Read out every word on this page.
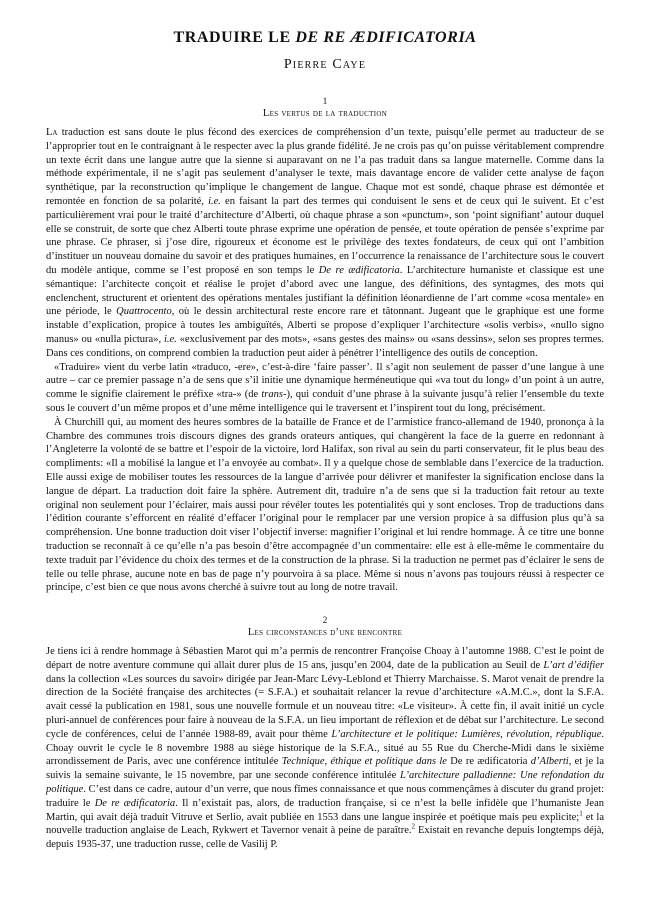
TRADUIRE LE DE RE ÆDIFICATORIA
Pierre Caye
1
Les vertus de la traduction

La traduction est sans doute le plus fécond des exercices de compréhension d’un texte, puisqu’elle permet au traducteur de se l’approprier tout en le contraignant à le respecter avec la plus grande fidélité. Je ne crois pas qu’on puisse véritablement comprendre un texte écrit dans une langue autre que la sienne si auparavant on ne l’a pas traduit dans sa langue maternelle. Comme dans la méthode expérimentale, il ne s’agit pas seulement d’analyser le texte, mais davantage encore de valider cette analyse de façon synthétique, par la reconstruction qu’implique le changement de langue. Chaque mot est sondé, chaque phrase est démontée et remontée en fonction de sa polarité, i.e. en faisant la part des termes qui conduisent le sens et de ceux qui le suivent. Et c’est particulièrement vrai pour le traité d’architecture d’Alberti, où chaque phrase a son «punctum», son ‘point signifiant’ autour duquel elle se construit, de sorte que chez Alberti toute phrase exprime une opération de pensée, et toute opération de pensée s’exprime par une phrase. Ce phraser, si j’ose dire, rigoureux et économe est le privilège des textes fondateurs, de ceux qui ont l’ambition d’instituer un nouveau domaine du savoir et des pratiques humaines, en l’occurrence la renaissance de l’architecture sous le couvert du modèle antique, comme se l’est proposé en son temps le De re ædificatoria. L’architecture humaniste et classique est une sémantique: l’architecte conçoit et réalise le projet d’abord avec une langue, des définitions, des syntagmes, des mots qui enclenchent, structurent et orientent des opérations mentales justifiant la définition léonardienne de l’art comme «cosa mentale» en une période, le Quattrocento, où le dessin architectural reste encore rare et tâtonnant. Jugeant que le graphique est une forme instable d’explication, propice à toutes les ambiguïtés, Alberti se propose d’expliquer l’architecture «solis verbis», «nullo signo manus» ou «nulla pictura», i.e. «exclusivement par des mots», «sans gestes des mains» ou «sans dessins», selon ses propres termes. Dans ces conditions, on comprend combien la traduction peut aider à pénétrer l’intelligence des outils de conception.

«Traduire» vient du verbe latin «traduco, -ere», c’est-à-dire ‘faire passer’. Il s’agit non seulement de passer d’une langue à une autre – car ce premier passage n’a de sens que s’il initie une dynamique herméneutique qui «va tout du long» d’un point à un autre, comme le signifie clairement le préfixe «tra-» (de trans-), qui conduit d’une phrase à la suivante jusqu’à relier l’ensemble du texte sous le couvert d’un même propos et d’une même intelligence qui le traversent et l’inspirent tout du long, précisément.

À Churchill qui, au moment des heures sombres de la bataille de France et de l’armistice franco-allemand de 1940, prononça à la Chambre des communes trois discours dignes des grands orateurs antiques, qui changèrent la face de la guerre en redonnant à l’Angleterre la volonté de se battre et l’espoir de la victoire, lord Halifax, son rival au sein du parti conservateur, fit le plus beau des compliments: «Il a mobilisé la langue et l’a envoyée au combat». Il y a quelque chose de semblable dans l’exercice de la traduction. Elle aussi exige de mobiliser toutes les ressources de la langue d’arrivée pour délivrer et manifester la signification enclose dans la langue de départ. La traduction doit faire la sphère. Autrement dit, traduire n’a de sens que si la traduction fait retour au texte original non seulement pour l’éclairer, mais aussi pour révéler toutes les potentialités qui y sont encloses. Trop de traductions dans l’édition courante s’efforcent en réalité d’effacer l’original pour le remplacer par une version propice à sa diffusion plus qu’à sa compréhension. Une bonne traduction doit viser l’objectif inverse: magnifier l’original et lui rendre hommage. À ce titre une bonne traduction se reconnaît à ce qu’elle n’a pas besoin d’être accompagnée d’un commentaire: elle est à elle-même le commentaire du texte traduit par l’évidence du choix des termes et de la construction de la phrase. Si la traduction ne permet pas d’éclairer le sens de telle ou telle phrase, aucune note en bas de page n’y pourvoira à sa place. Même si nous n’avons pas toujours réussi à respecter ce principe, c’est bien ce que nous avons cherché à suivre tout au long de notre travail.

2
Les circonstances d’une rencontre

Je tiens ici à rendre hommage à Sébastien Marot qui m’a permis de rencontrer Françoise Choay à l’automne 1988. C’est le point de départ de notre aventure commune qui allait durer plus de 15 ans, jusqu’en 2004, date de la publication au Seuil de L’art d’édifier dans la collection «Les sources du savoir» dirigée par Jean-Marc Lévy-Leblond et Thierry Marchaisse. S. Marot venait de prendre la direction de la Société française des architectes (= S.F.A.) et souhaitait relancer la revue d’architecture «A.M.C.», dont la S.F.A. avait cessé la publication en 1981, sous une nouvelle formule et un nouveau titre: «Le visiteur». À cette fin, il avait initié un cycle pluri-annuel de conférences pour faire à nouveau de la S.F.A. un lieu important de réflexion et de débat sur l’architecture. Le second cycle de conférences, celui de l’année 1988-89, avait pour thème L’architecture et le politique: Lumières, révolution, république. Choay ouvrit le cycle le 8 novembre 1988 au siège historique de la S.F.A., situé au 55 Rue du Cherche-Midi dans le sixième arrondissement de Paris, avec une conférence intitulée Technique, éthique et politique dans le De re ædificatoria d’Alberti, et je la suivis la semaine suivante, le 15 novembre, par une seconde conférence intitulée L’architecture palladienne: Une refondation du politique. C’est dans ce cadre, autour d’un verre, que nous fîmes connaissance et que nous commençâmes à discuter du grand projet: traduire le De re ædificatoria. Il n’existait pas, alors, de traduction française, si ce n’est la belle infidèle que l’humaniste Jean Martin, qui avait déjà traduit Vitruve et Serlio, avait publiée en 1553 dans une langue inspirée et poétique mais peu explicite;$^1$ et la nouvelle traduction anglaise de Leach, Rykwert et Tavernor venait à peine de paraître.$^2$ Existait en revanche depuis longtemps déjà, depuis 1935-37, une traduction russe, celle de Vasilij P.
